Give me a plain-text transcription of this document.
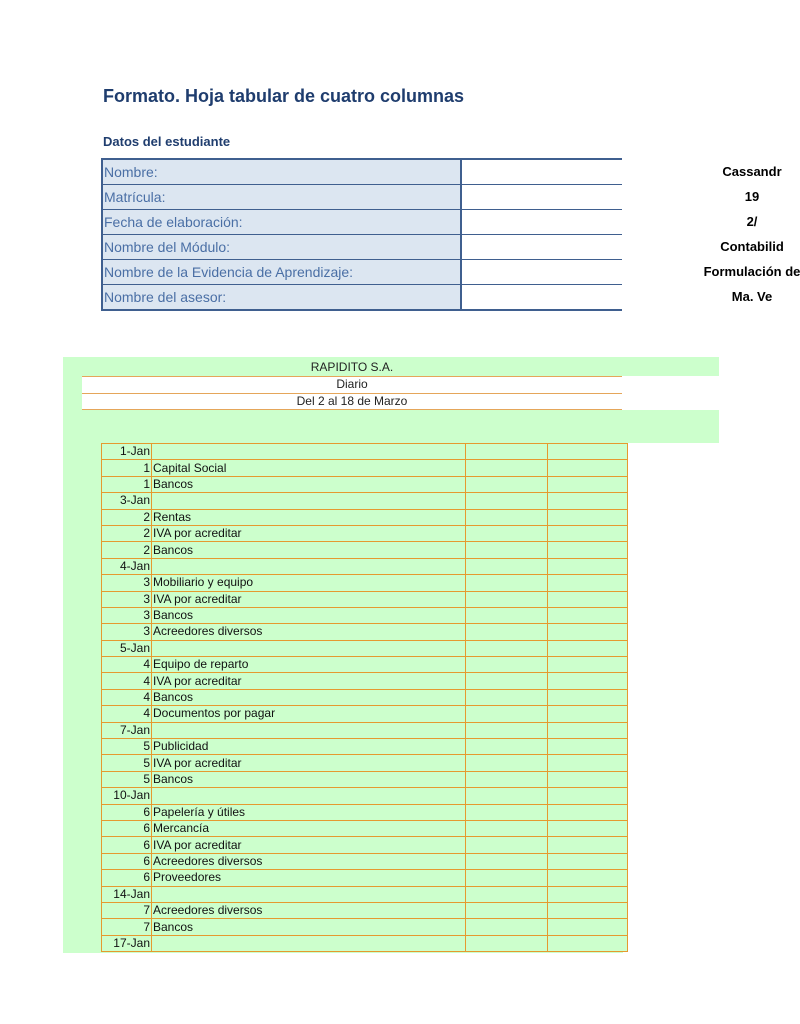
Formato. Hoja tabular de cuatro columnas
Datos del estudiante
Nombre:	Cassandr
Matrícula:	19
Fecha de elaboración:	2/
Nombre del Módulo:	Contabilid
Nombre de la Evidencia de Aprendizaje:	Formulación de
Nombre del asesor:	Ma. Ve
RAPIDITO S.A.
Diario
Del 2 al 18 de Marzo
1-Jan			
1	Capital Social		
1	Bancos		
3-Jan			
2	Rentas		
2	IVA por acreditar		
2	Bancos		
4-Jan			
3	Mobiliario y equipo		
3	IVA por acreditar		
3	Bancos		
3	Acreedores diversos		
5-Jan			
4	Equipo de reparto		
4	IVA por acreditar		
4	Bancos		
4	Documentos por pagar		
7-Jan			
5	Publicidad		
5	IVA por acreditar		
5	Bancos		
10-Jan			
6	Papelería y útiles		
6	Mercancía		
6	IVA por acreditar		
6	Acreedores diversos		
6	Proveedores		
14-Jan			
7	Acreedores diversos		
7	Bancos		
17-Jan			
